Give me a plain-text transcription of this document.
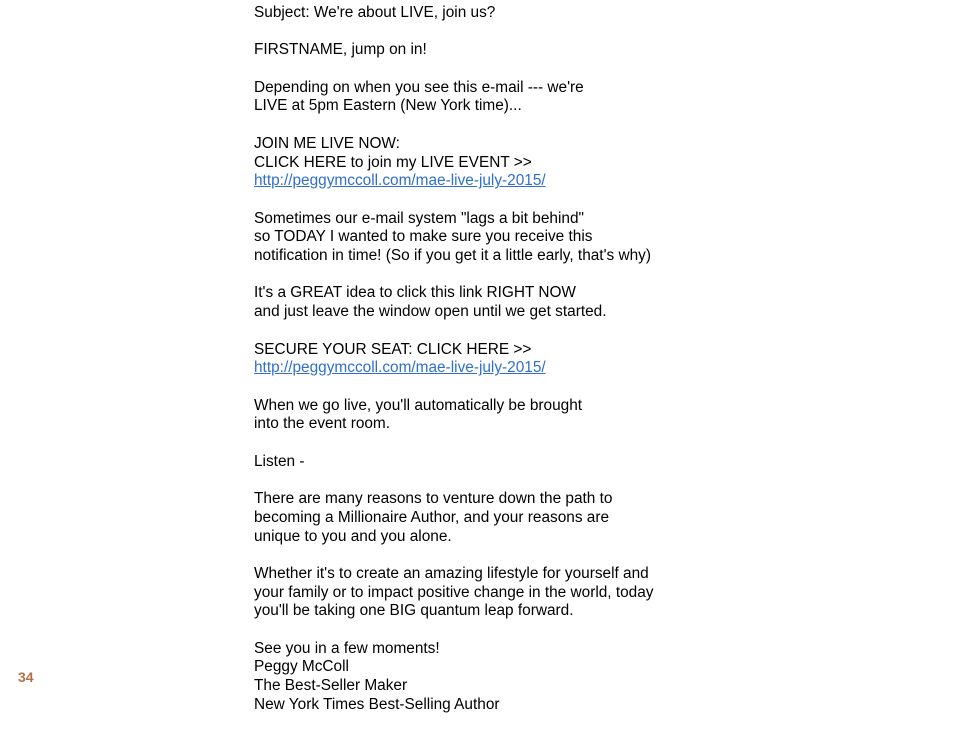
Subject: We're about LIVE, join us?
FIRSTNAME, jump on in!
Depending on when you see this e-mail --- we're
LIVE at 5pm Eastern (New York time)...
JOIN ME LIVE NOW:
CLICK HERE to join my LIVE EVENT >>
http://peggymccoll.com/mae-live-july-2015/
Sometimes our e-mail system "lags a bit behind"
so TODAY I wanted to make sure you receive this
notification in time! (So if you get it a little early, that's why)
It's a GREAT idea to click this link RIGHT NOW
and just leave the window open until we get started.
SECURE YOUR SEAT: CLICK HERE >>
http://peggymccoll.com/mae-live-july-2015/
When we go live, you'll automatically be brought
into the event room.
Listen -
There are many reasons to venture down the path to
becoming a Millionaire Author, and your reasons are
unique to you and you alone.
Whether it's to create an amazing lifestyle for yourself and
your family or to impact positive change in the world, today
you'll be taking one BIG quantum leap forward.
See you in a few moments!
Peggy McColl
The Best-Seller Maker
New York Times Best-Selling Author
34
